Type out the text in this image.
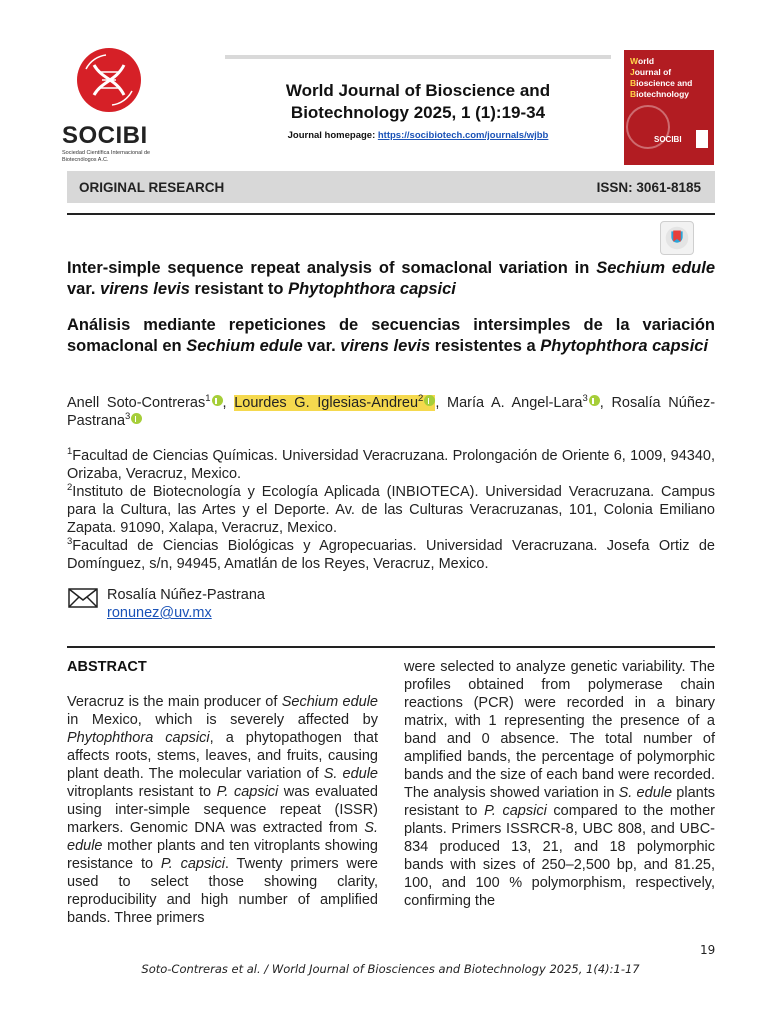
SOCIBI
Sociedad Científica Internacional de Biotecnólogos A.C.
World Journal of Bioscience and
Biotechnology 2025, 1 (1):19-34
Journal homepage: https://socibiotech.com/journals/wjbb
World
Journal of
Bioscience and
Biotechnology
SOCIBI
ORIGINAL RESEARCH	ISSN: 3061-8185
Inter-simple sequence repeat analysis of somaclonal variation in Sechium edule var. virens levis resistant to Phytophthora capsici
Análisis mediante repeticiones de secuencias intersimples de la variación somaclonal en Sechium edule var. virens levis resistentes a Phytophthora capsici
Anell Soto-Contreras$^1$ , Lourdes G. Iglesias-Andreu$^2$ , María A. Angel-Lara$^3$ , Rosalía Núñez-Pastrana$^3$
$^1$Facultad de Ciencias Químicas. Universidad Veracruzana. Prolongación de Oriente 6, 1009, 94340, Orizaba, Veracruz, Mexico.
$^2$Instituto de Biotecnología y Ecología Aplicada (INBIOTECA). Universidad Veracruzana. Campus para la Cultura, las Artes y el Deporte. Av. de las Culturas Veracruzanas, 101, Colonia Emiliano Zapata. 91090, Xalapa, Veracruz, Mexico.
$^3$Facultad de Ciencias Biológicas y Agropecuarias. Universidad Veracruzana. Josefa Ortiz de Domínguez, s/n, 94945, Amatlán de los Reyes, Veracruz, Mexico.
Rosalía Núñez-Pastrana
ronunez@uv.mx
ABSTRACT
Veracruz is the main producer of Sechium edule in Mexico, which is severely affected by Phytophthora capsici, a phytopathogen that affects roots, stems, leaves, and fruits, causing plant death. The molecular variation of S. edule vitroplants resistant to P. capsici was evaluated using inter-simple sequence repeat (ISSR) markers. Genomic DNA was extracted from S. edule mother plants and ten vitroplants showing resistance to P. capsici. Twenty primers were used to select those showing clarity, reproducibility and high number of amplified bands. Three primers
were selected to analyze genetic variability. The profiles obtained from polymerase chain reactions (PCR) were recorded in a binary matrix, with 1 representing the presence of a band and 0 absence. The total number of amplified bands, the percentage of polymorphic bands and the size of each band were recorded. The analysis showed variation in S. edule plants resistant to P. capsici compared to the mother plants. Primers ISSRCR-8, UBC 808, and UBC-834 produced 13, 21, and 18 polymorphic bands with sizes of 250–2,500 bp, and 81.25, 100, and 100 % polymorphism, respectively, confirming the
19
Soto-Contreras et al. / World Journal of Biosciences and Biotechnology 2025, 1(4):1-17
